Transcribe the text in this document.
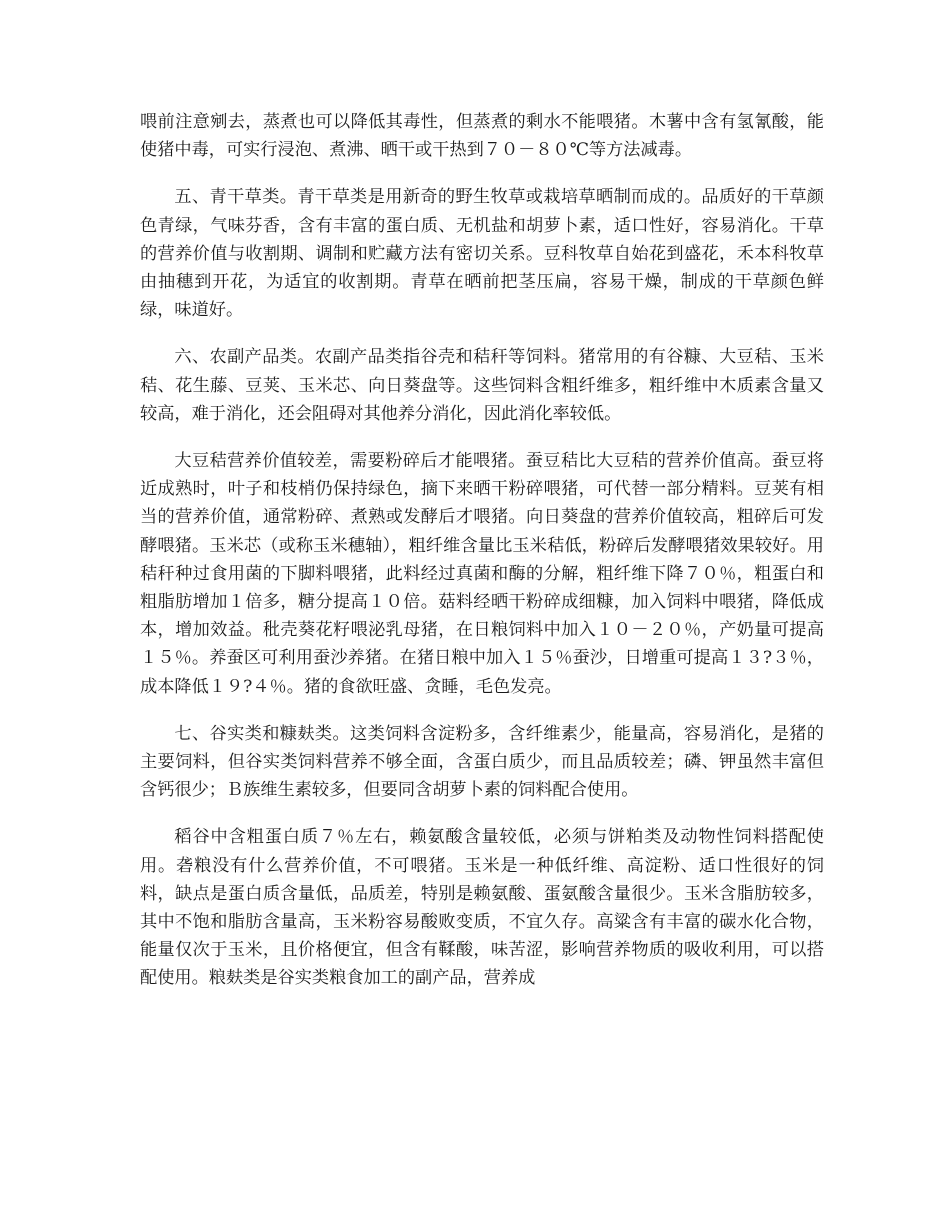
喂前注意剜去，蒸煮也可以降低其毒性，但蒸煮的剩水不能喂猪。木薯中含有氢氰酸，能使猪中毒，可实行浸泡、煮沸、晒干或干热到７０－８０℃等方法减毒。

五、青干草类。青干草类是用新奇的野生牧草或栽培草晒制而成的。品质好的干草颜色青绿，气味芬香，含有丰富的蛋白质、无机盐和胡萝卜素，适口性好，容易消化。干草的营养价值与收割期、调制和贮藏方法有密切关系。豆科牧草自始花到盛花，禾本科牧草由抽穗到开花，为适宜的收割期。青草在晒前把茎压扁，容易干燥，制成的干草颜色鲜绿，味道好。

六、农副产品类。农副产品类指谷壳和秸秆等饲料。猪常用的有谷糠、大豆秸、玉米秸、花生藤、豆荚、玉米芯、向日葵盘等。这些饲料含粗纤维多，粗纤维中木质素含量又较高，难于消化，还会阻碍对其他养分消化，因此消化率较低。

大豆秸营养价值较差，需要粉碎后才能喂猪。蚕豆秸比大豆秸的营养价值高。蚕豆将近成熟时，叶子和枝梢仍保持绿色，摘下来晒干粉碎喂猪，可代替一部分精料。豆荚有相当的营养价值，通常粉碎、煮熟或发酵后才喂猪。向日葵盘的营养价值较高，粗碎后可发酵喂猪。玉米芯（或称玉米穗轴），粗纤维含量比玉米秸低，粉碎后发酵喂猪效果较好。用秸秆种过食用菌的下脚料喂猪，此料经过真菌和酶的分解，粗纤维下降７０％，粗蛋白和粗脂肪增加１倍多，糖分提高１０倍。菇料经晒干粉碎成细糠，加入饲料中喂猪，降低成本，增加效益。秕壳葵花籽喂泌乳母猪，在日粮饲料中加入１０－２０％，产奶量可提高１５％。养蚕区可利用蚕沙养猪。在猪日粮中加入１５％蚕沙，日增重可提高１３?３％，成本降低１９?４％。猪的食欲旺盛、贪睡，毛色发亮。

七、谷实类和糠麸类。这类饲料含淀粉多，含纤维素少，能量高，容易消化，是猪的主要饲料，但谷实类饲料营养不够全面，含蛋白质少，而且品质较差；磷、钾虽然丰富但含钙很少；Ｂ族维生素较多，但要同含胡萝卜素的饲料配合使用。

稻谷中含粗蛋白质７％左右，赖氨酸含量较低，必须与饼粕类及动物性饲料搭配使用。砻粮没有什么营养价值，不可喂猪。玉米是一种低纤维、高淀粉、适口性很好的饲料，缺点是蛋白质含量低，品质差，特别是赖氨酸、蛋氨酸含量很少。玉米含脂肪较多，其中不饱和脂肪含量高，玉米粉容易酸败变质，不宜久存。高粱含有丰富的碳水化合物，能量仅次于玉米，且价格便宜，但含有鞣酸，味苦涩，影响营养物质的吸收利用，可以搭配使用。粮麸类是谷实类粮食加工的副产品，营养成
